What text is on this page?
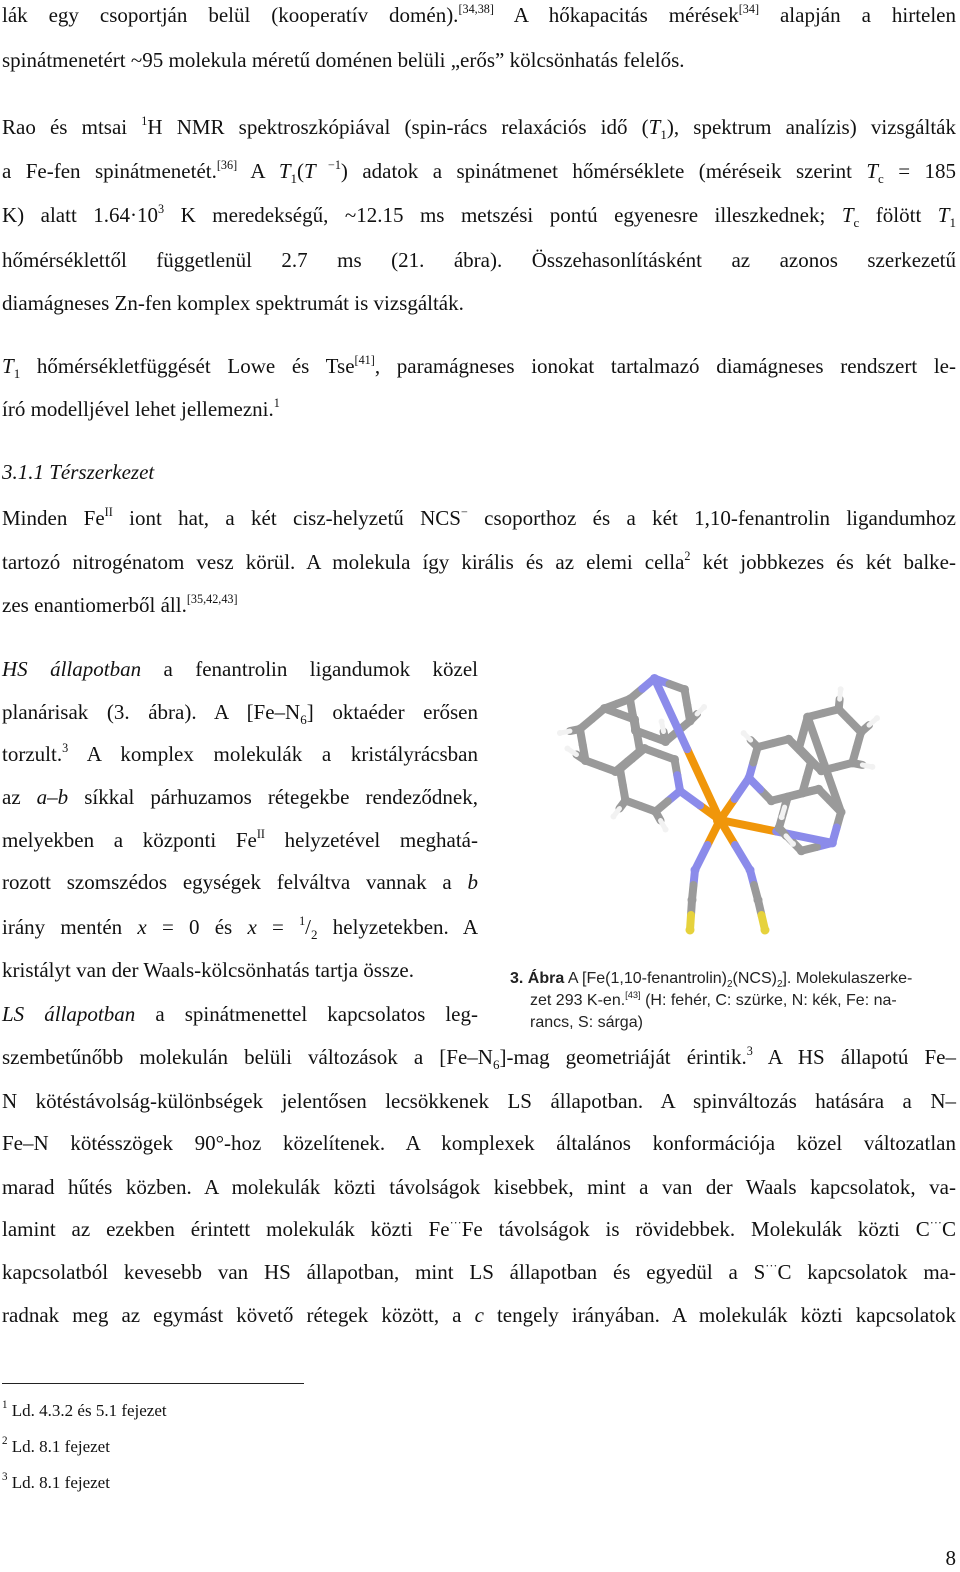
lák egy csoportján belül (kooperatív domén).[34,38] A hőkapacitás mérések[34] alapján a hirtelen
spinátmenetért ~95 molekula méretű doménen belüli „erős” kölcsönhatás felelős.
Rao és mtsai $^1$H NMR spektroszkópiával (spin-rács relaxációs idő $(T_1)$, spektrum analízis) vizsgálták
a Fe-fen spinátmenetét.[36] A $T_1(T$ $^{-1}$) adatok a spinátmenet hőmérséklete (méréseik szerint $T_c = 185$
K) alatt $1.64\cdot 10^3$ K meredekségű, ~12.15 ms metszési pontú egyenesre illeszkednek; $T_c$ fölött $T_1$
hőmérséklettől függetlenül 2.7 ms (21. ábra). Összehasonlításként az azonos szerkezetű
diamágneses Zn-fen komplex spektrumát is vizsgálták.
$T_1$ hőmérsékletfüggését Lowe és Tse[41], paramágneses ionokat tartalmazó diamágneses rendszert le-
író modelljével lehet jellemezni.$^1$
3.1.1 Térszerkezet
Minden $Fe^{II}$ iont hat, a két cisz-helyzetű NCS− csoporthoz és a két 1,10-fenantrolin ligandumhoz
tartozó nitrogénatom vesz körül. A molekula így királis és az elemi cella$^2$ két jobbkezes és két balke-
zes enantiomerből áll.[35,42,43]
HS állapotban a fenantrolin ligandumok közel
planárisak (3. ábra). A $[Fe-N_6]$ oktaéder erősen
torzult.$^3$ A komplex molekulák a kristályrácsban
az a–b síkkal párhuzamos rétegekbe rendeződnek,
melyekben a központi $Fe^{II}$ helyzetével meghatá-
rozott szomszédos egységek felváltva vannak a b
irány mentén x = 0 és $x = ^1/_2$ helyzetekben. A
kristályt van der Waals-kölcsönhatás tartja össze.
LS állapotban a spinátmenettel kapcsolatos leg-
3. Ábra A $[Fe(1,10-fenantrolin)_2(NCS)_2]$. Molekulaszerke-
zet 293 K-en.[43] (H: fehér, C: szürke, N: kék, Fe: na-
rancs, S: sárga)
szembetűnőbb molekulán belüli változások a $[Fe-N_6]$-mag geometriáját érintik.$^3$ A HS állapotú Fe–
N kötéstávolság-különbségek jelentősen lecsökkenek LS állapotban. A spinváltozás hatására a N–
Fe–N kötésszögek 90°-hoz közelítenek. A komplexek általános konformációja közel változatlan
marad hűtés közben. A molekulák közti távolságok kisebbek, mint a van der Waals kapcsolatok, va-
lamint az ezekben érintett molekulák közti Fe···Fe távolságok is rövidebbek. Molekulák közti C···C
kapcsolatból kevesebb van HS állapotban, mint LS állapotban és egyedül a S···C kapcsolatok ma-
radnak meg az egymást követő rétegek között, a c tengely irányában. A molekulák közti kapcsolatok
$^1$ Ld. 4.3.2 és 5.1 fejezet
$^2$ Ld. 8.1 fejezet
$^3$ Ld. 8.1 fejezet
8
